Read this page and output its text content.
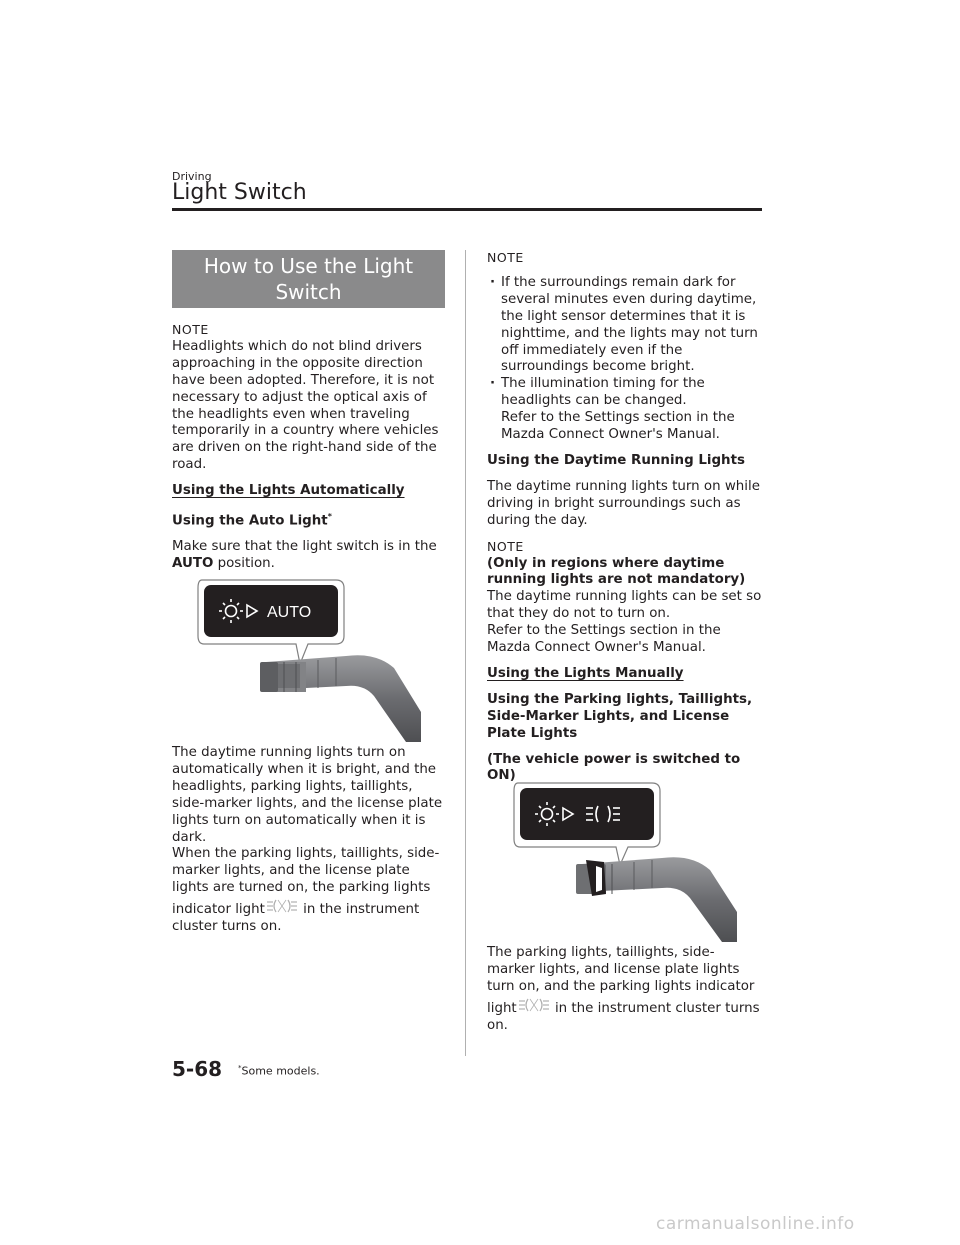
Driving
Light Switch
How to Use the Light Switch

NOTE

Headlights which do not blind drivers approaching in the opposite direction have been adopted. Therefore, it is not necessary to adjust the optical axis of the headlights even when traveling temporarily in a country where vehicles are driven on the right-hand side of the road.

Using the Lights Automatically

Using the Auto Light*

Make sure that the light switch is in the AUTO position.

AUTO

The daytime running lights turn on automatically when it is bright, and the headlights, parking lights, taillights, side-marker lights, and the license plate lights turn on automatically when it is dark.

When the parking lights, taillights, side-marker lights, and the license plate lights are turned on, the parking lights indicator light	in the instrument cluster turns on.

NOTE

· If the surroundings remain dark for several minutes even during daytime, the light sensor determines that it is nighttime, and the lights may not turn off immediately even if the surroundings become bright.
· The illumination timing for the headlights can be changed.
Refer to the Settings section in the Mazda Connect Owner's Manual.

Using the Daytime Running Lights

The daytime running lights turn on while driving in bright surroundings such as during the day.

NOTE

(Only in regions where daytime running lights are not mandatory)

The daytime running lights can be set so that they do not to turn on.

Refer to the Settings section in the Mazda Connect Owner's Manual.

Using the Lights Manually

Using the Parking lights, Taillights, Side-Marker Lights, and License Plate Lights

(The vehicle power is switched to ON)

The parking lights, taillights, side-marker lights, and license plate lights turn on, and the parking lights indicator light	in the instrument cluster turns on.

5-68 *Some models.
carmanualsonline.info
